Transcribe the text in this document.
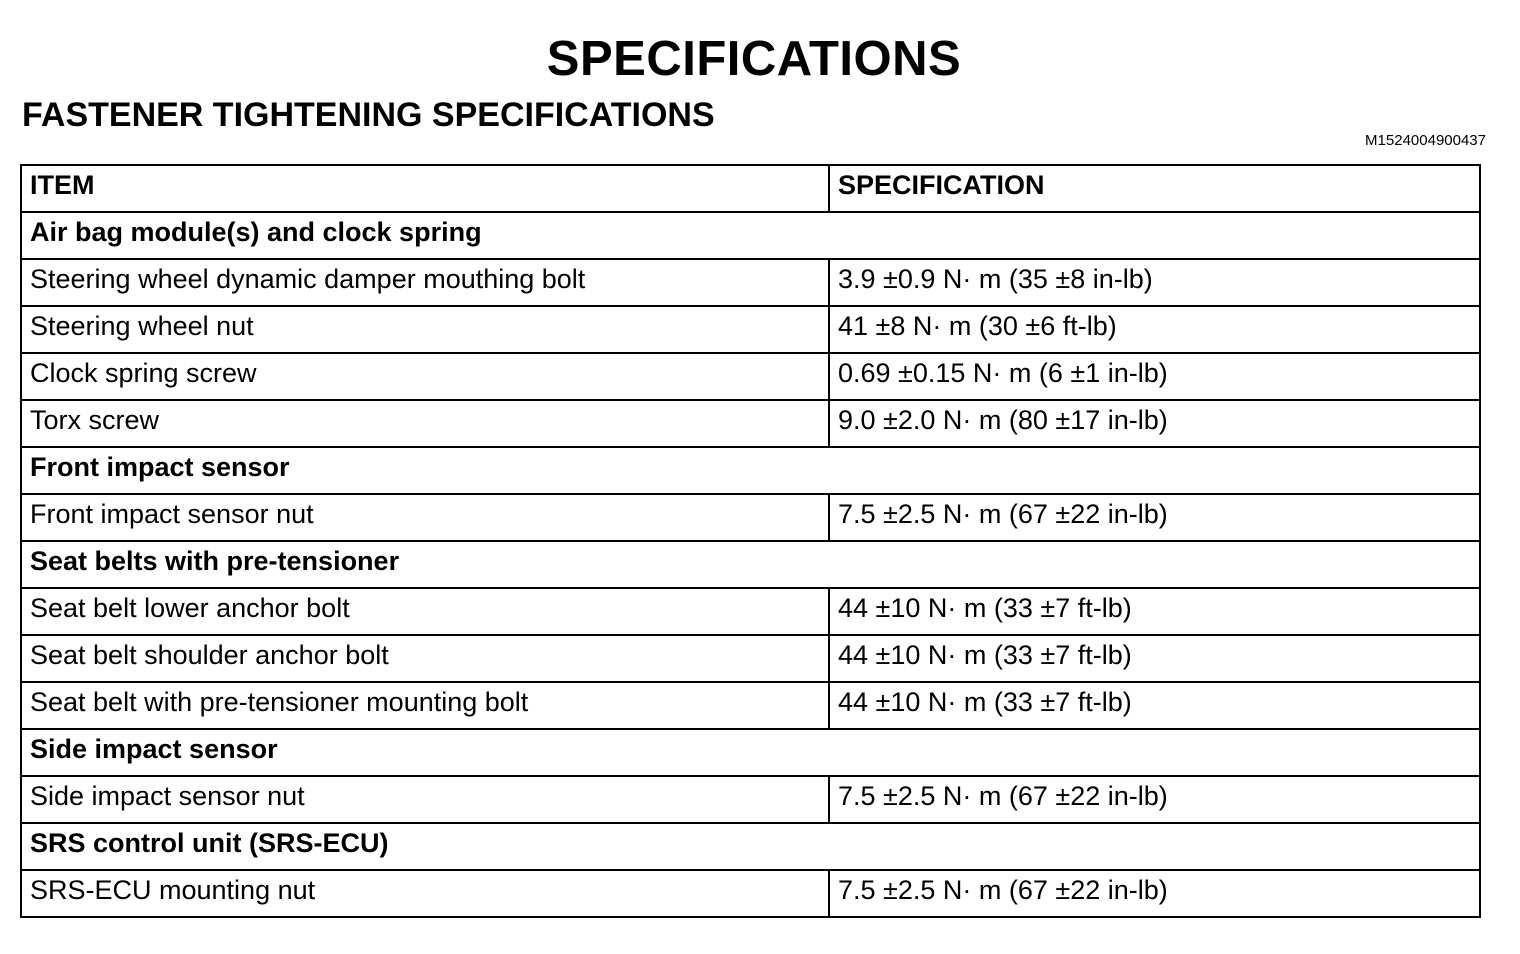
SPECIFICATIONS
FASTENER TIGHTENING SPECIFICATIONS
M1524004900437
ITEM	SPECIFICATION
Air bag module(s) and clock spring	
Steering wheel dynamic damper mouthing bolt	3.9 ±0.9 N· m (35 ±8 in-lb)
Steering wheel nut	41 ±8 N· m (30 ±6 ft-lb)
Clock spring screw	0.69 ±0.15 N· m (6 ±1 in-lb)
Torx screw	9.0 ±2.0 N· m (80 ±17 in-lb)
Front impact sensor	
Front impact sensor nut	7.5 ±2.5 N· m (67 ±22 in-lb)
Seat belts with pre-tensioner	
Seat belt lower anchor bolt	44 ±10 N· m (33 ±7 ft-lb)
Seat belt shoulder anchor bolt	44 ±10 N· m (33 ±7 ft-lb)
Seat belt with pre-tensioner mounting bolt	44 ±10 N· m (33 ±7 ft-lb)
Side impact sensor	
Side impact sensor nut	7.5 ±2.5 N· m (67 ±22 in-lb)
SRS control unit (SRS-ECU)	
SRS-ECU mounting nut	7.5 ±2.5 N· m (67 ±22 in-lb)
